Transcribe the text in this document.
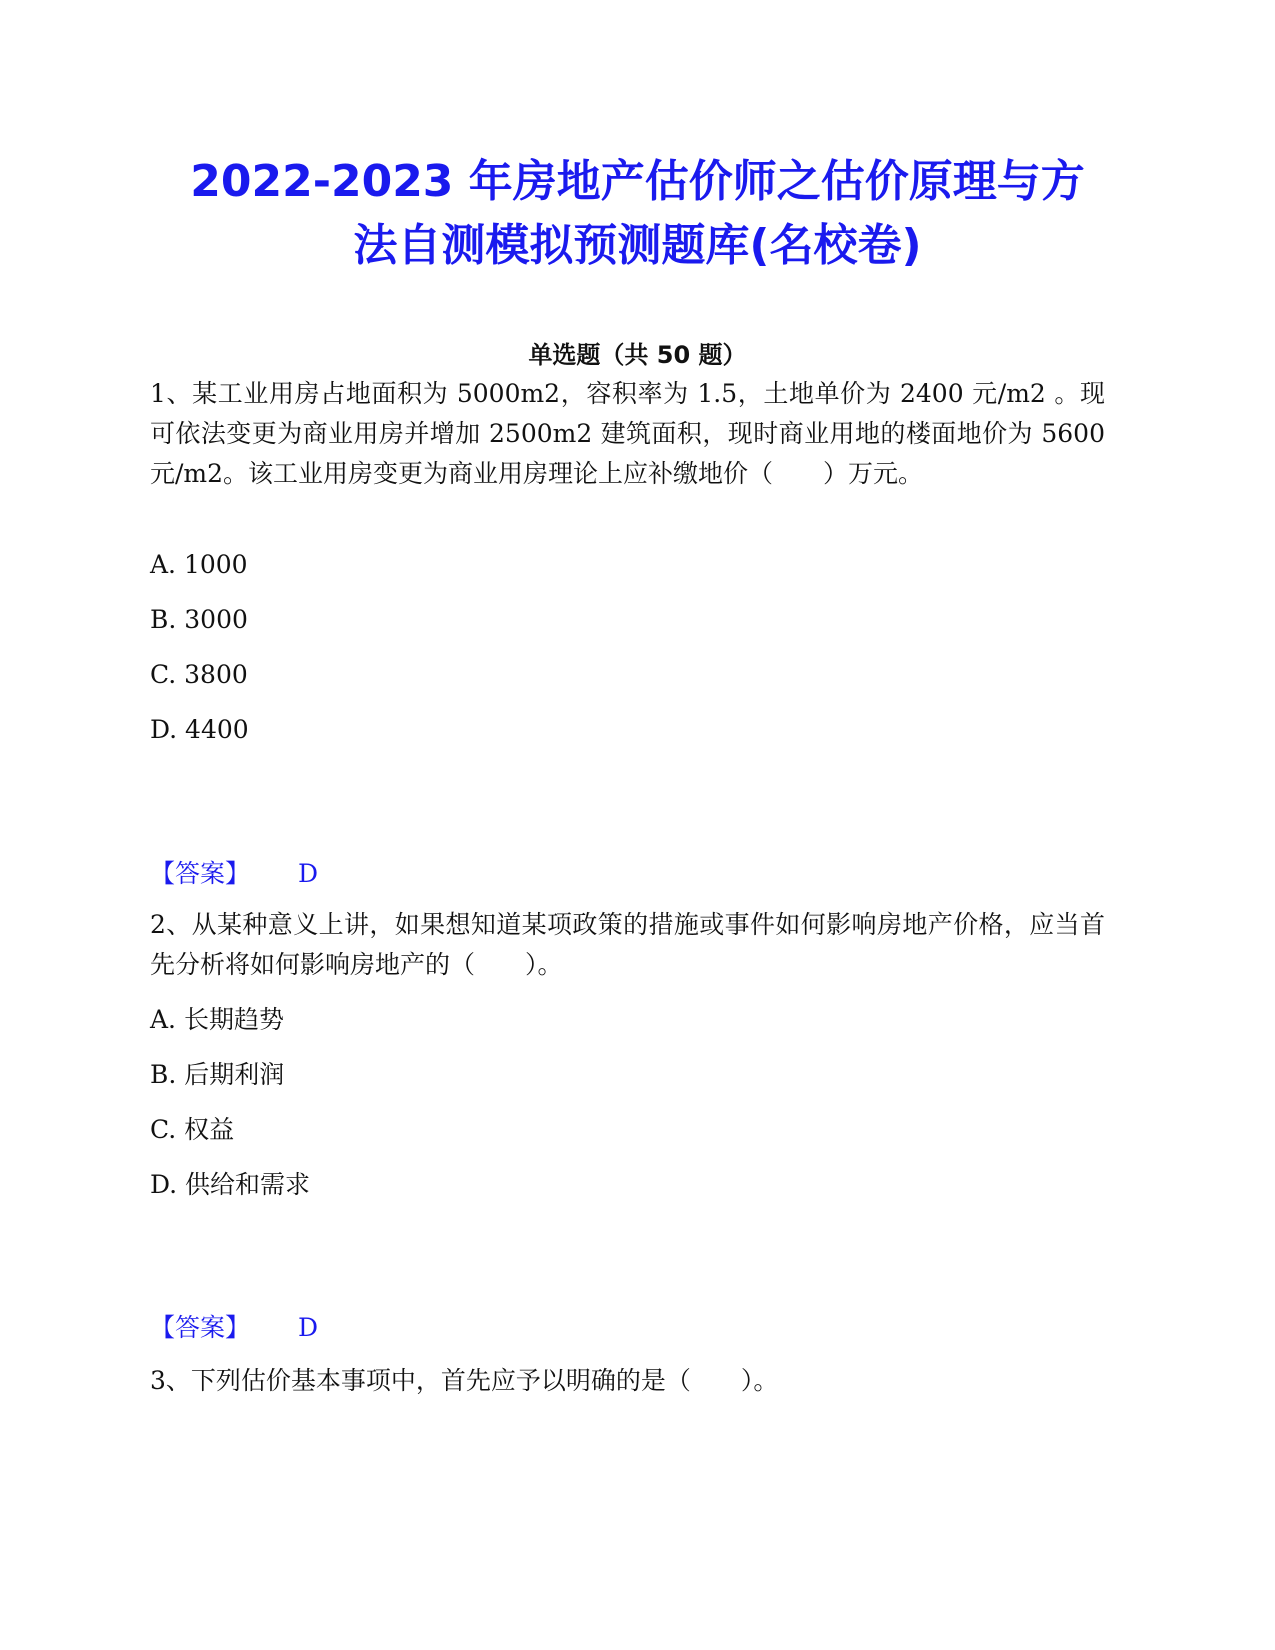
2022-2023 年房地产估价师之估价原理与方
法自测模拟预测题库(名校卷)
单选题（共 50 题）

1、某工业用房占地面积为 5000m2，容积率为 1.5，土地单价为 2400 元/m2 。现可依法变更为商业用房并增加 2500m2 建筑面积，现时商业用地的楼面地价为 5600 元/m2。该工业用房变更为商业用房理论上应补缴地价（　　）万元。

A. 1000
B. 3000
C. 3800
D. 4400
【答案】 D

2、从某种意义上讲，如果想知道某项政策的措施或事件如何影响房地产价格，应当首先分析将如何影响房地产的（　　）。

A. 长期趋势
B. 后期利润
C. 权益
D. 供给和需求
【答案】 D

3、下列估价基本事项中，首先应予以明确的是（　　）。
